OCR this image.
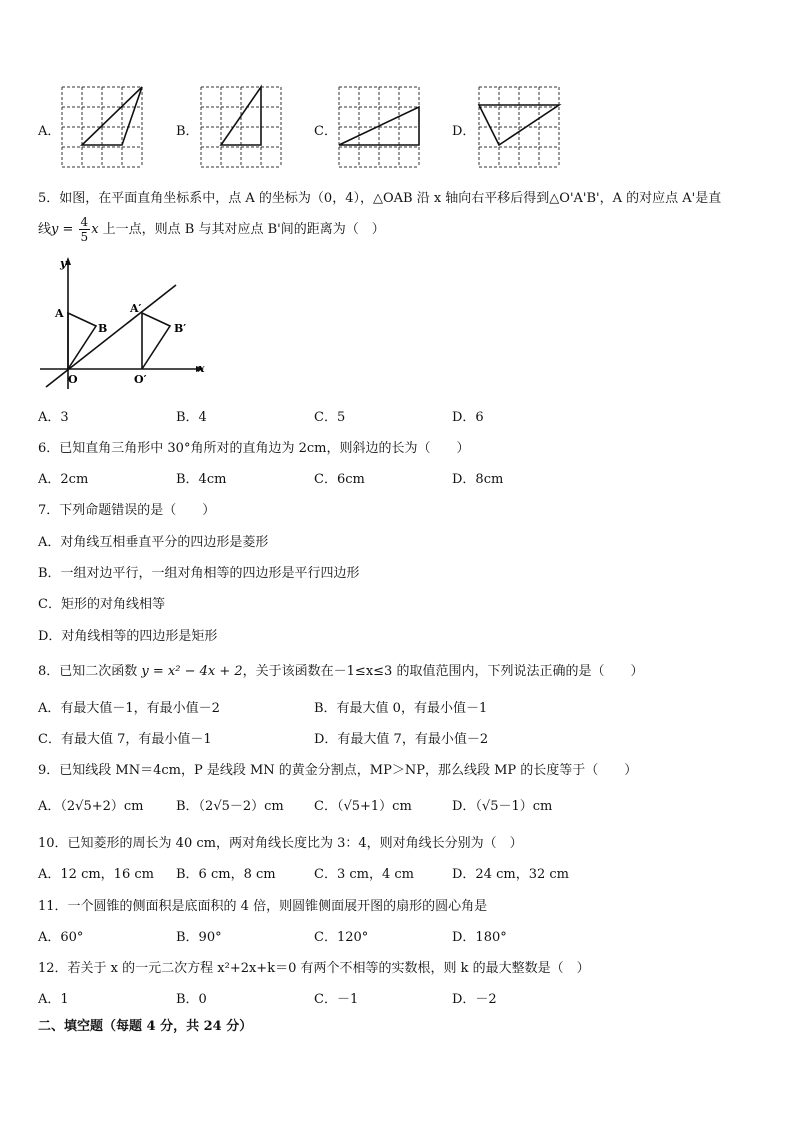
A．	B．	C．	D．
5．如图，在平面直角坐标系中，点 A 的坐标为（0，4），△OAB 沿 x 轴向右平移后得到△O'A'B'，A 的对应点 A'是直
线$y = \frac{4}{5}$ x 上一点，则点 B 与其对应点 B'间的距离为（　）
y
x
A
B
O
A′
B′
O′
A．3	B．4	C．5	D．6
6．已知直角三角形中 30°角所对的直角边为 2cm，则斜边的长为（　　）
A．2cm	B．4cm	C．6cm	D．8cm
7．下列命题错误的是（　　）
A．对角线互相垂直平分的四边形是菱形
B．一组对边平行，一组对角相等的四边形是平行四边形
C．矩形的对角线相等
D．对角线相等的四边形是矩形
8．已知二次函数 y = x² − 4x + 2，关于该函数在－1≤x≤3 的取值范围内，下列说法正确的是（　　）
A．有最大值－1，有最小值－2	B．有最大值 0，有最小值－1
C．有最大值 7，有最小值－1	D．有最大值 7，有最小值－2
9．已知线段 MN＝4cm，P 是线段 MN 的黄金分割点，MP＞NP，那么线段 MP 的长度等于（　　）
A．（2√5+2）cm	B．（2√5－2）cm C．（√5+1）cm	D．（√5－1）cm
10．已知菱形的周长为 40 cm，两对角线长度比为 3：4，则对角线长分别为（　）
A．12 cm，16 cm B．6 cm，8 cm	C．3 cm，4 cm	D．24 cm，32 cm
11．一个圆锥的侧面积是底面积的 4 倍，则圆锥侧面展开图的扇形的圆心角是
A．60°	B．90°	C．120°	D．180°
12．若关于 x 的一元二次方程 x²+2x+k＝0 有两个不相等的实数根，则 k 的最大整数是（　）
A．1	B．0	C．－1	D．－2
二、填空题（每题 4 分，共 24 分）
